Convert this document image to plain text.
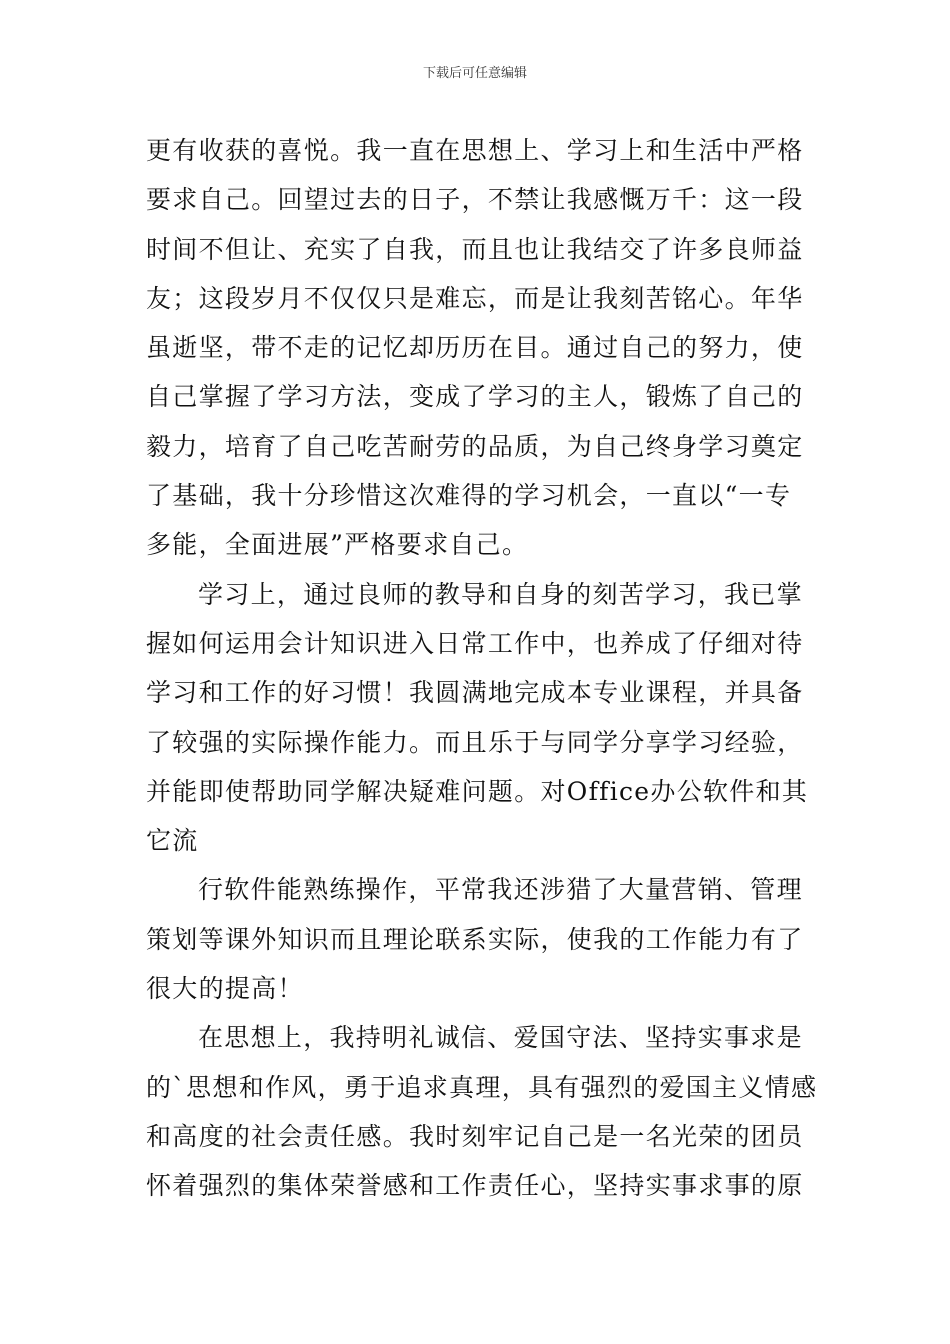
下载后可任意编辑

更有收获的喜悦。我一直在思想上、学习上和生活中严格
要求自己。回望过去的日子，不禁让我感慨万千：这一段
时间不但让、充实了自我，而且也让我结交了许多良师益
友；这段岁月不仅仅只是难忘，而是让我刻苦铭心。年华
虽逝坚，带不走的记忆却历历在目。通过自己的努力，使
自己掌握了学习方法，变成了学习的主人，锻炼了自己的
毅力，培育了自己吃苦耐劳的品质，为自己终身学习奠定
了基础，我十分珍惜这次难得的学习机会，一直以“一专
多能，全面进展”严格要求自己。

学习上，通过良师的教导和自身的刻苦学习，我已掌
握如何运用会计知识进入日常工作中，也养成了仔细对待
学习和工作的好习惯！我圆满地完成本专业课程，并具备
了较强的实际操作能力。而且乐于与同学分享学习经验，
并能即使帮助同学解决疑难问题。对Office办公软件和其
它流

行软件能熟练操作，平常我还涉猎了大量营销、管理
策划等课外知识而且理论联系实际，使我的工作能力有了
很大的提高！

在思想上，我持明礼诚信、爱国守法、坚持实事求是
的`思想和作风，勇于追求真理，具有强烈的爱国主义情感
和高度的社会责任感。我时刻牢记自己是一名光荣的团员
怀着强烈的集体荣誉感和工作责任心，坚持实事求事的原
